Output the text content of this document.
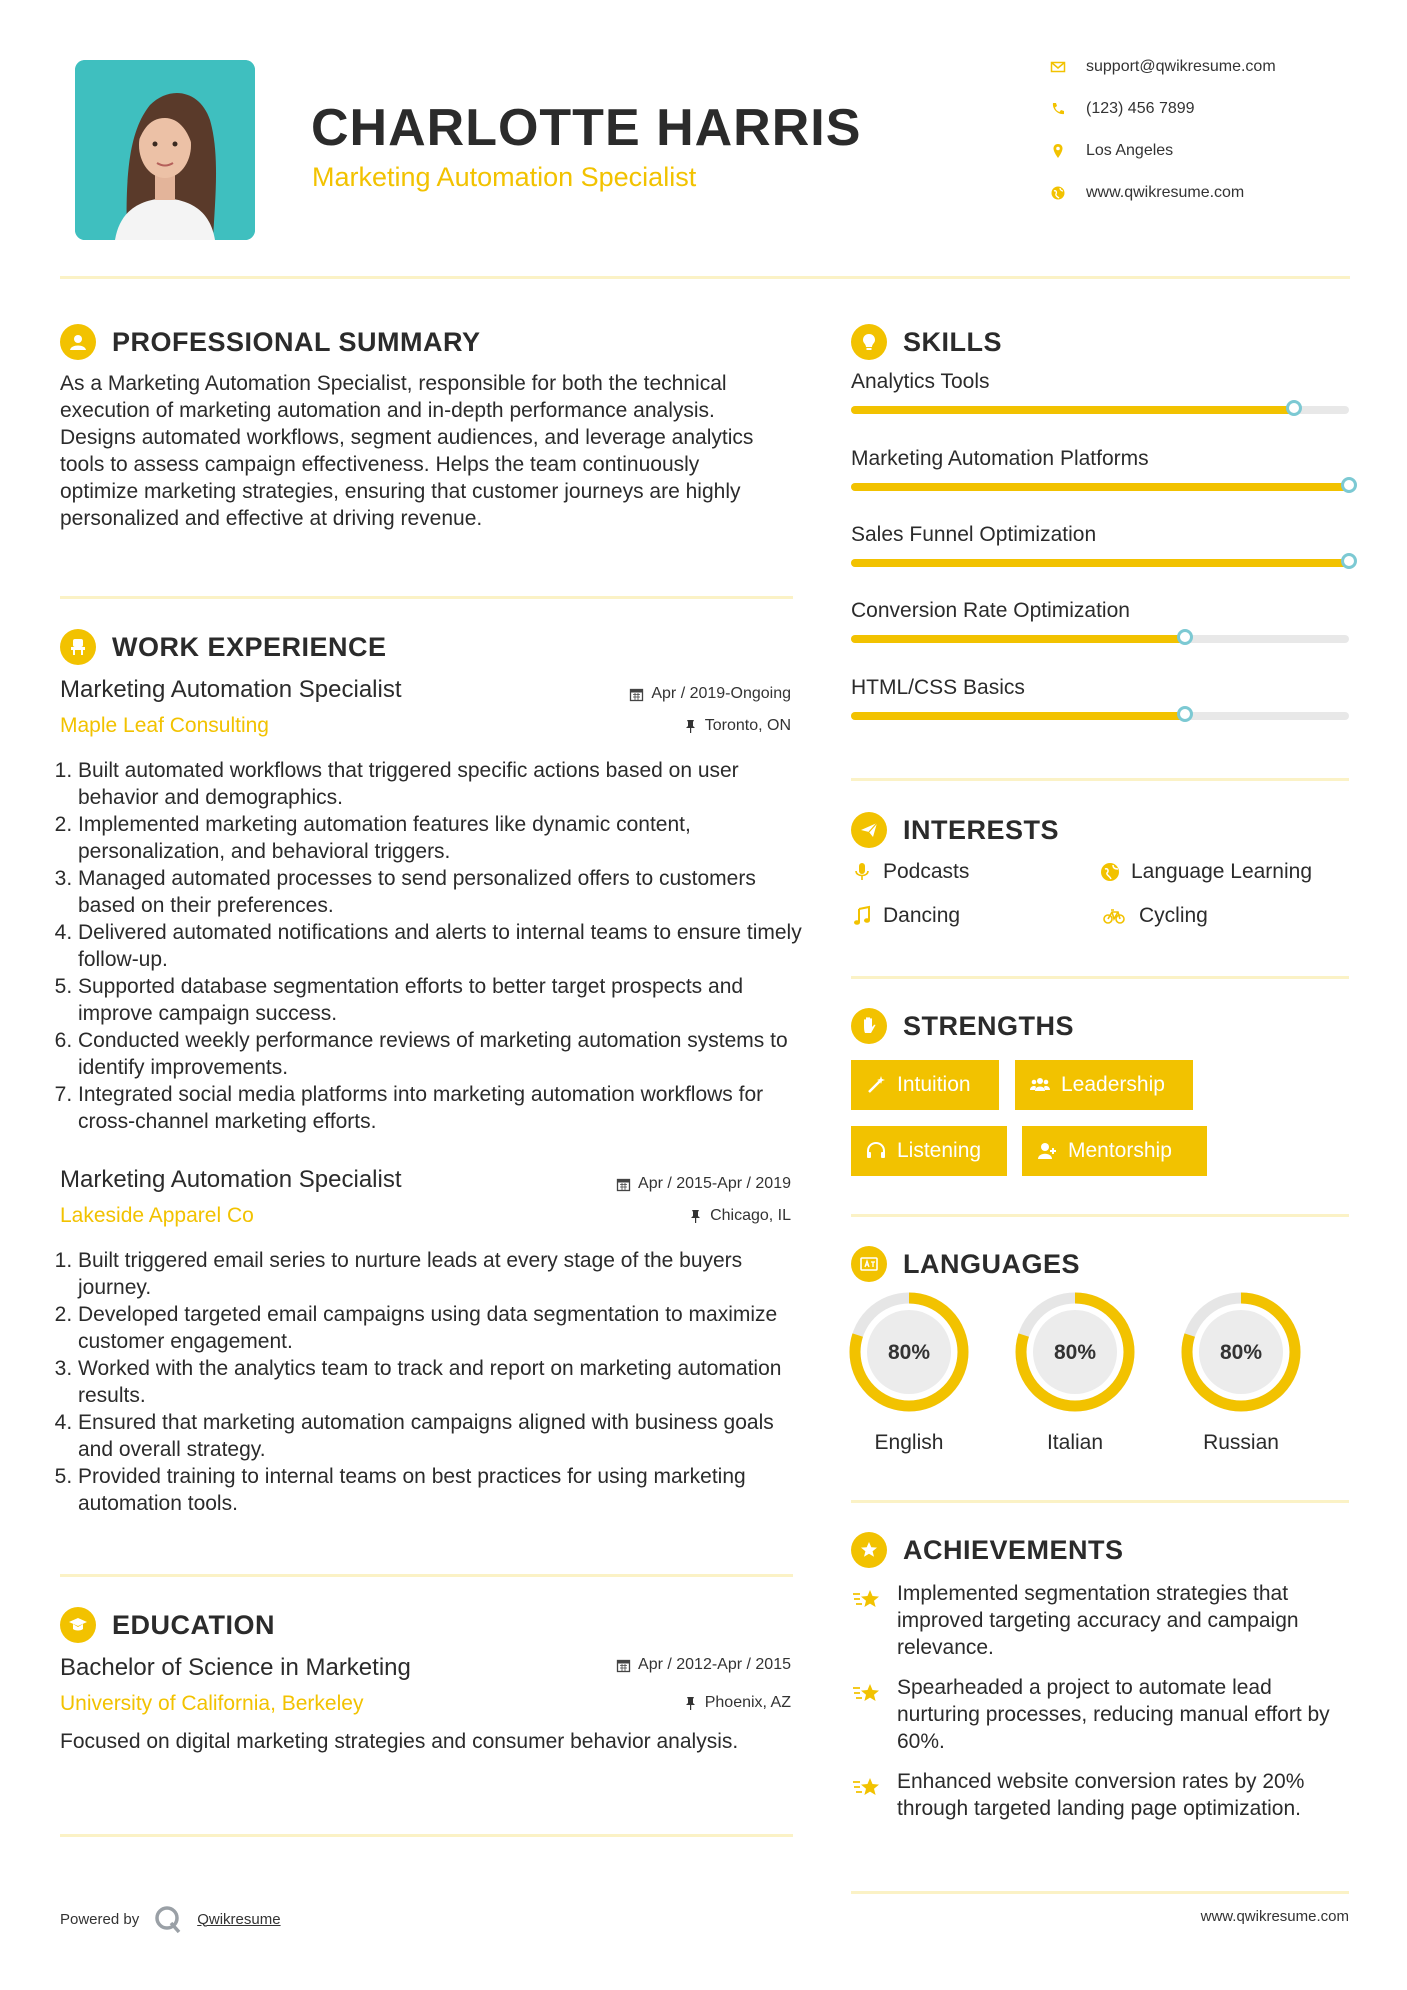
CHARLOTTE HARRIS
Marketing Automation Specialist
support@qwikresume.com
(123) 456 7899
Los Angeles
www.qwikresume.com
PROFESSIONAL SUMMARY
As a Marketing Automation Specialist, responsible for both the technical execution of marketing automation and in-depth performance analysis. Designs automated workflows, segment audiences, and leverage analytics tools to assess campaign effectiveness. Helps the team continuously optimize marketing strategies, ensuring that customer journeys are highly personalized and effective at driving revenue.
WORK EXPERIENCE
Marketing Automation Specialist	Apr / 2019-Ongoing
Maple Leaf Consulting	Toronto, ON
1. Built automated workflows that triggered specific actions based on user behavior and demographics.
2. Implemented marketing automation features like dynamic content, personalization, and behavioral triggers.
3. Managed automated processes to send personalized offers to customers based on their preferences.
4. Delivered automated notifications and alerts to internal teams to ensure timely follow-up.
5. Supported database segmentation efforts to better target prospects and improve campaign success.
6. Conducted weekly performance reviews of marketing automation systems to identify improvements.
7. Integrated social media platforms into marketing automation workflows for cross-channel marketing efforts.
Marketing Automation Specialist	Apr / 2015-Apr / 2019
Lakeside Apparel Co	Chicago, IL
1. Built triggered email series to nurture leads at every stage of the buyers journey.
2. Developed targeted email campaigns using data segmentation to maximize customer engagement.
3. Worked with the analytics team to track and report on marketing automation results.
4. Ensured that marketing automation campaigns aligned with business goals and overall strategy.
5. Provided training to internal teams on best practices for using marketing automation tools.
EDUCATION
Bachelor of Science in Marketing	Apr / 2012-Apr / 2015
University of California, Berkeley	Phoenix, AZ
Focused on digital marketing strategies and consumer behavior analysis.
SKILLS
Analytics Tools
Marketing Automation Platforms
Sales Funnel Optimization
Conversion Rate Optimization
HTML/CSS Basics
INTERESTS
Podcasts	Language Learning
Dancing	Cycling
STRENGTHS
Intuition	Leadership
Listening	Mentorship
LANGUAGES
80%
English
80%
Italian
80%
Russian
ACHIEVEMENTS
Implemented segmentation strategies that improved targeting accuracy and campaign relevance.
Spearheaded a project to automate lead nurturing processes, reducing manual effort by 60%.
Enhanced website conversion rates by 20% through targeted landing page optimization.
Powered by	Qwikresume	www.qwikresume.com
